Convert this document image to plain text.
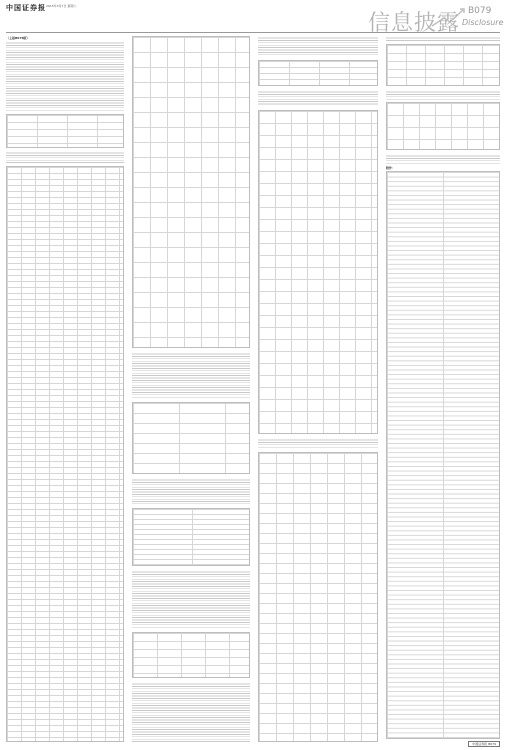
中国证券报 2015年3月7日 星期六
信息披露 B079
Disclosure
（上接B078版）
附件：
中国证券报 B079
